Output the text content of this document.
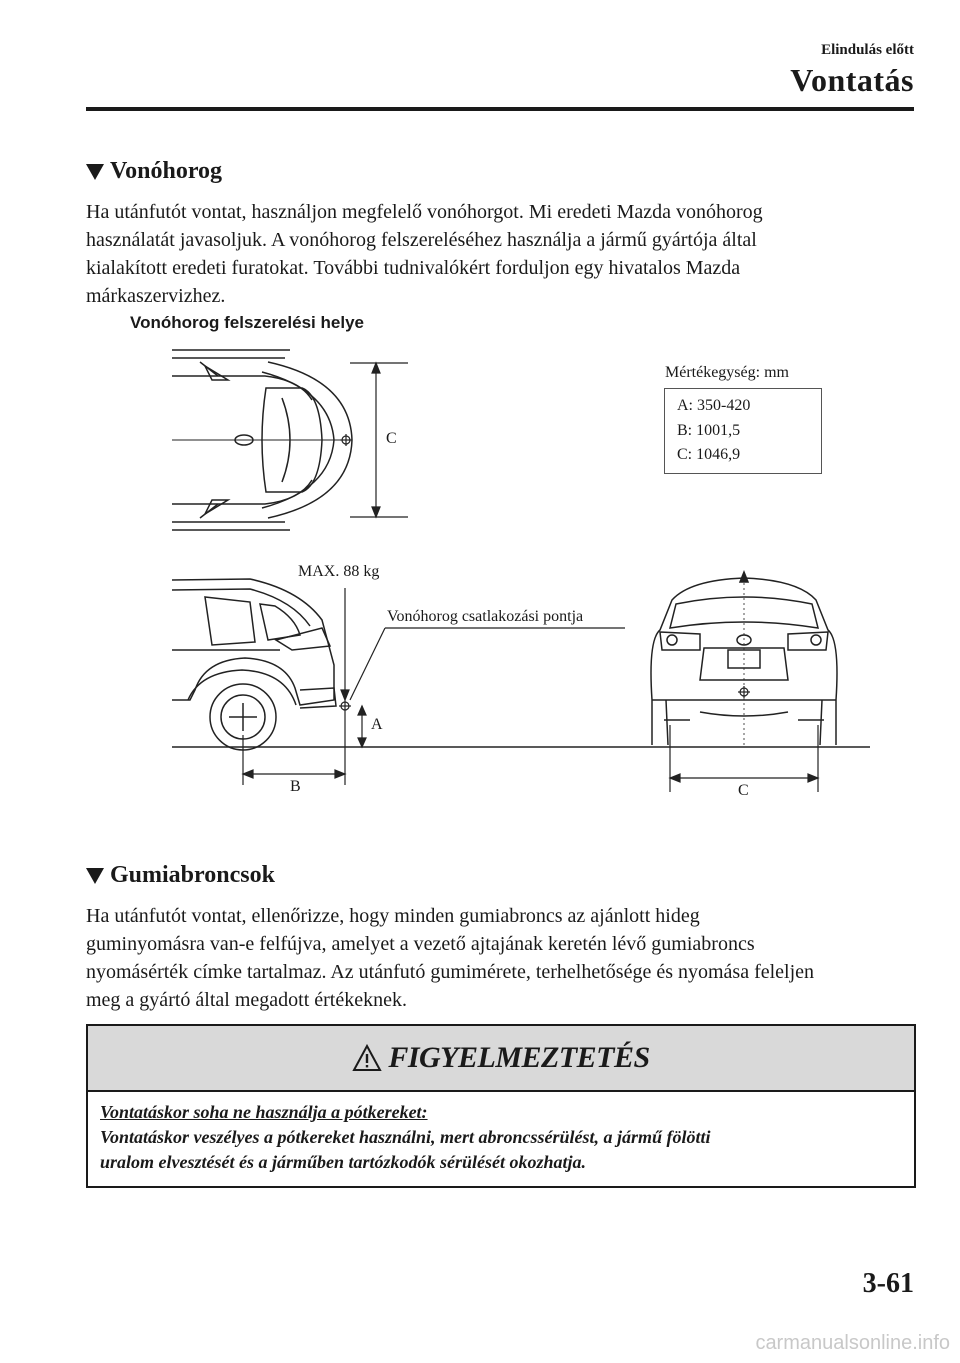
Elindulás előtt
Vontatás
Vonóhorog
Ha utánfutót vontat, használjon megfelelő vonóhorgot. Mi eredeti Mazda vonóhorog
használatát javasoljuk. A vonóhorog felszereléséhez használja a jármű gyártója által
kialakított eredeti furatokat. További tudnivalókért forduljon egy hivatalos Mazda
márkaszervizhez.
Vonóhorog felszerelési helye
Mértékegység: mm
A: 350-420
B: 1001,5
C: 1046,9
C
MAX. 88 kg
Vonóhorog csatlakozási pontja
A
B	C
Gumiabroncsok
Ha utánfutót vontat, ellenőrizze, hogy minden gumiabroncs az ajánlott hideg
guminyomásra van-e felfújva, amelyet a vezető ajtajának keretén lévő gumiabroncs
nyomásérték címke tartalmaz. Az utánfutó gumimérete, terhelhetősége és nyomása feleljen
meg a gyártó által megadott értékeknek.
FIGYELMEZTETÉS
Vontatáskor soha ne használja a pótkereket:
Vontatáskor veszélyes a pótkereket használni, mert abroncssérülést, a jármű fölötti
uralom elvesztését és a járműben tartózkodók sérülését okozhatja.
3-61
carmanualsonline.info
